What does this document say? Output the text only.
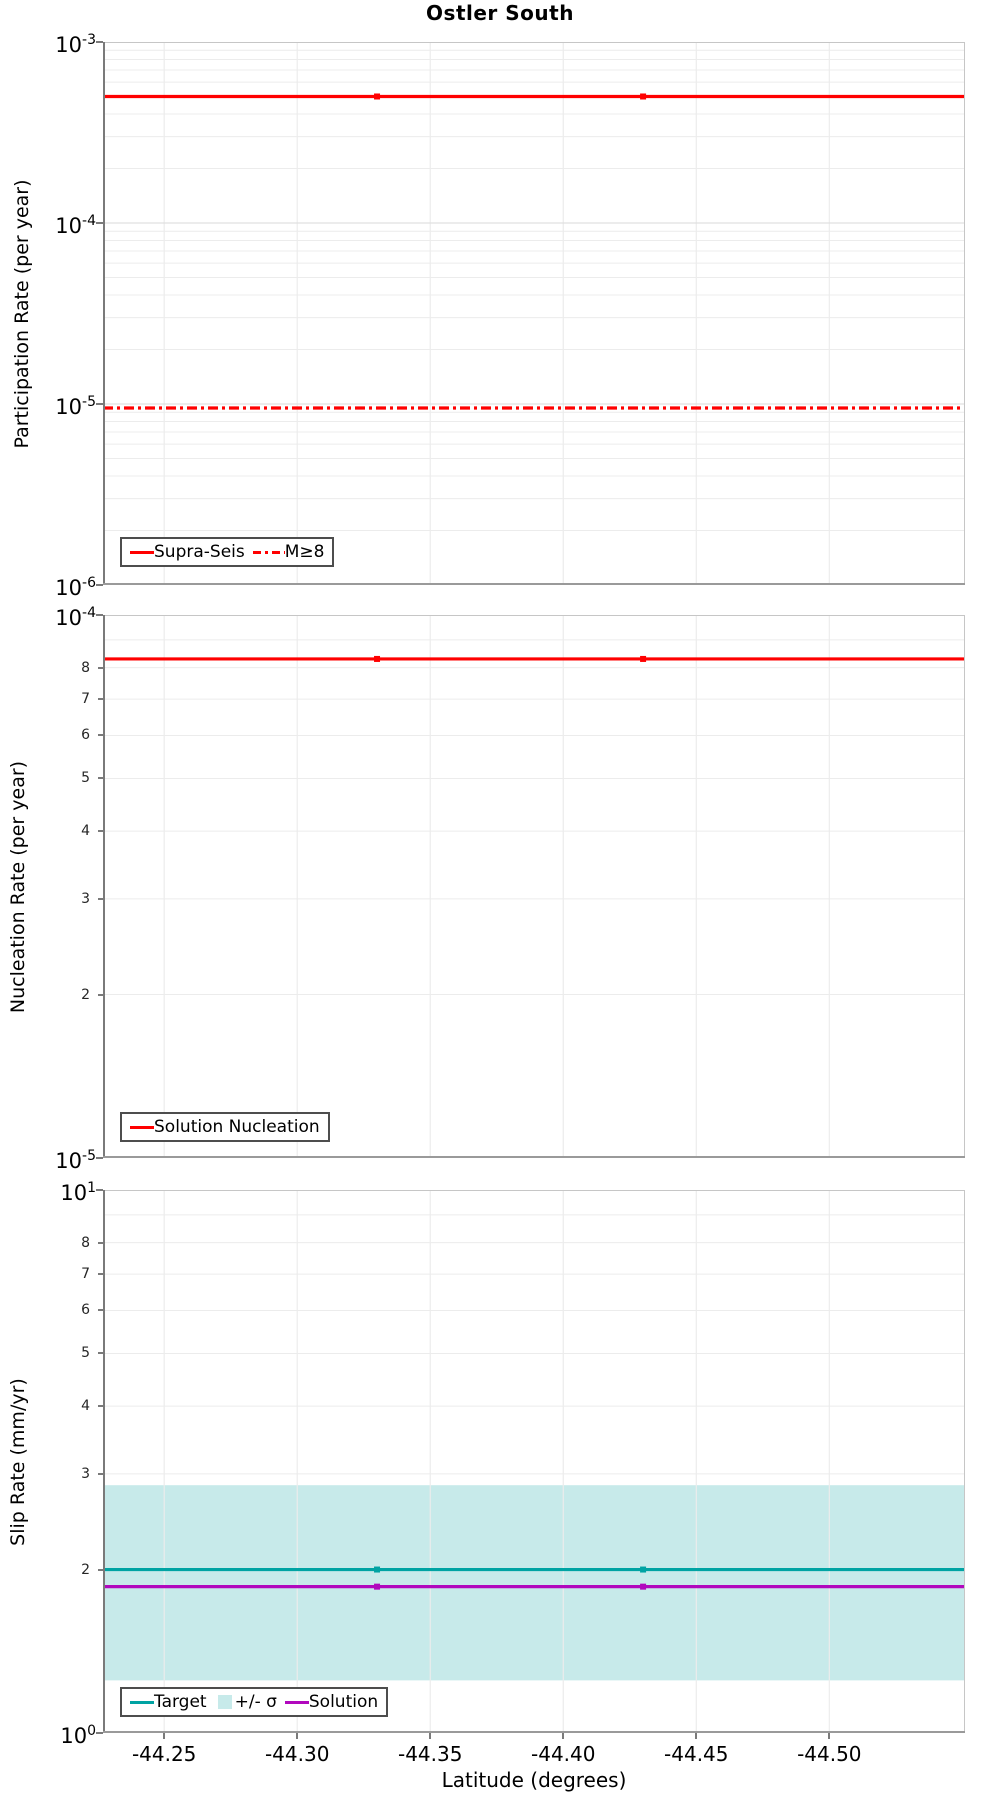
Ostler South
Participation Rate (per year)
Nucleation Rate (per year)
Slip Rate (mm/yr)
Supra-Seis M≥8
Solution Nucleation
Target +/- σ Solution
Latitude (degrees)
$10^{-3}$
$10^{-4}$
$10^{-5}$
$10^{-6}$
$10^{-4}$
$10^{-5}$
8
7
6
5
4
3
2
$10^1$
$10^0$
8
7
6
5
4
3
2
-44.25	-44.30	-44.35	-44.40	-44.45	-44.50
